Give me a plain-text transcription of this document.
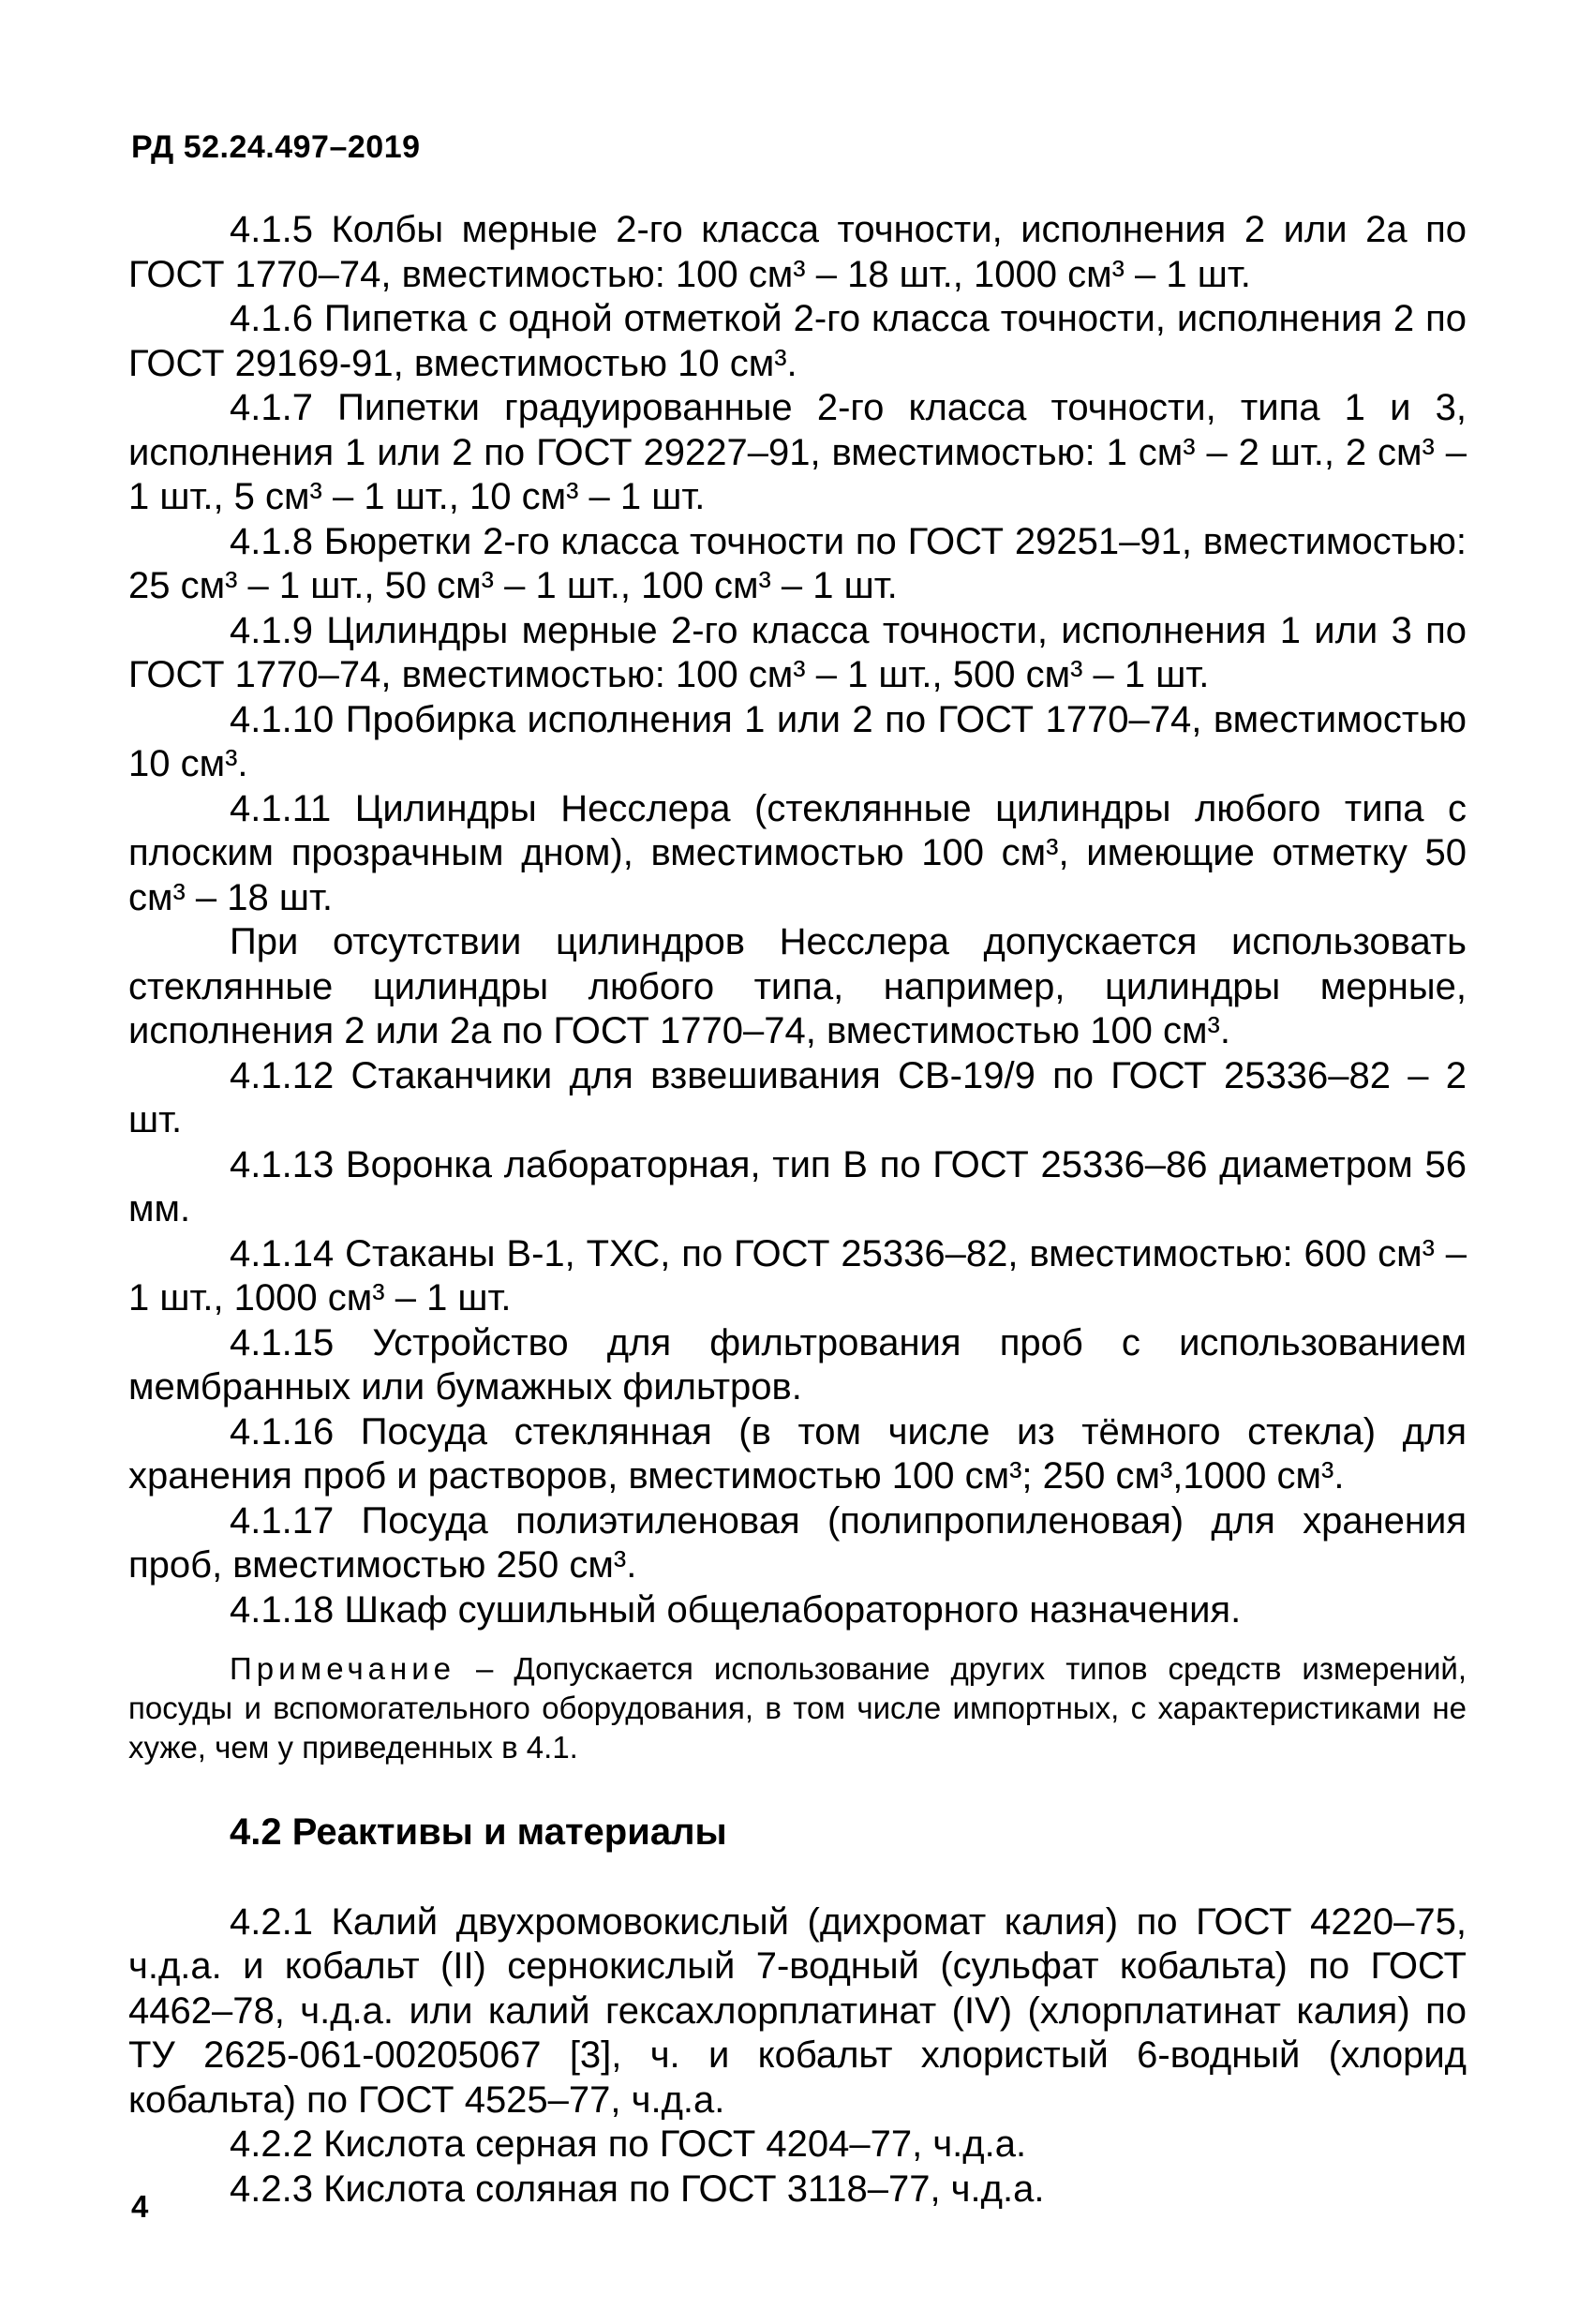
РД 52.24.497–2019

4.1.5 Колбы мерные 2-го класса точности, исполнения 2 или 2а по ГОСТ 1770–74, вместимостью: 100 см³ – 18 шт., 1000 см³ – 1 шт.

4.1.6 Пипетка с одной отметкой 2-го класса точности, исполнения 2 по ГОСТ 29169-91, вместимостью 10 см³.

4.1.7 Пипетки градуированные 2-го класса точности, типа 1 и 3, исполнения 1 или 2 по ГОСТ 29227–91, вместимостью: 1 см³ – 2 шт., 2 см³ – 1 шт., 5 см³ – 1 шт., 10 см³ – 1 шт.

4.1.8 Бюретки 2-го класса точности по ГОСТ 29251–91, вместимостью: 25 см³ – 1 шт., 50 см³ – 1 шт., 100 см³ – 1 шт.

4.1.9 Цилиндры мерные 2-го класса точности, исполнения 1 или 3 по ГОСТ 1770–74, вместимостью: 100 см³ – 1 шт., 500 см³ – 1 шт.

4.1.10 Пробирка исполнения 1 или 2 по ГОСТ 1770–74, вместимостью 10 см³.

4.1.11 Цилиндры Несслера (стеклянные цилиндры любого типа с плоским прозрачным дном), вместимостью 100 см³, имеющие отметку 50 см³ – 18 шт.

При отсутствии цилиндров Несслера допускается использовать стеклянные цилиндры любого типа, например, цилиндры мерные, исполнения 2 или 2а по ГОСТ 1770–74, вместимостью 100 см³.

4.1.12 Стаканчики для взвешивания СВ-19/9 по ГОСТ 25336–82 – 2 шт.

4.1.13 Воронка лабораторная, тип В по ГОСТ 25336–86 диаметром 56 мм.

4.1.14 Стаканы В-1, ТХС, по ГОСТ 25336–82, вместимостью: 600 см³ – 1 шт., 1000 см³ – 1 шт.

4.1.15 Устройство для фильтрования проб с использованием мембранных или бумажных фильтров.

4.1.16 Посуда стеклянная (в том числе из тёмного стекла) для хранения проб и растворов, вместимостью 100 см³; 250 см³,1000 см³.

4.1.17 Посуда полиэтиленовая (полипропиленовая) для хранения проб, вместимостью 250 см³.

4.1.18 Шкаф сушильный общелабораторного назначения.

Примечание – Допускается использование других типов средств измерений, посуды и вспомогательного оборудования, в том числе импортных, с характеристиками не хуже, чем у приведенных в 4.1.

4.2 Реактивы и материалы

4.2.1 Калий двухромовокислый (дихромат калия) по ГОСТ 4220–75, ч.д.а. и кобальт (II) сернокислый 7-водный (сульфат кобальта) по ГОСТ 4462–78, ч.д.а. или калий гексахлорплатинат (IV) (хлорплатинат калия) по ТУ 2625-061-00205067 [3], ч. и кобальт хлористый 6-водный (хлорид кобальта) по ГОСТ 4525–77, ч.д.а.

4.2.2 Кислота серная по ГОСТ 4204–77, ч.д.а.

4.2.3 Кислота соляная по ГОСТ 3118–77, ч.д.а.

4
